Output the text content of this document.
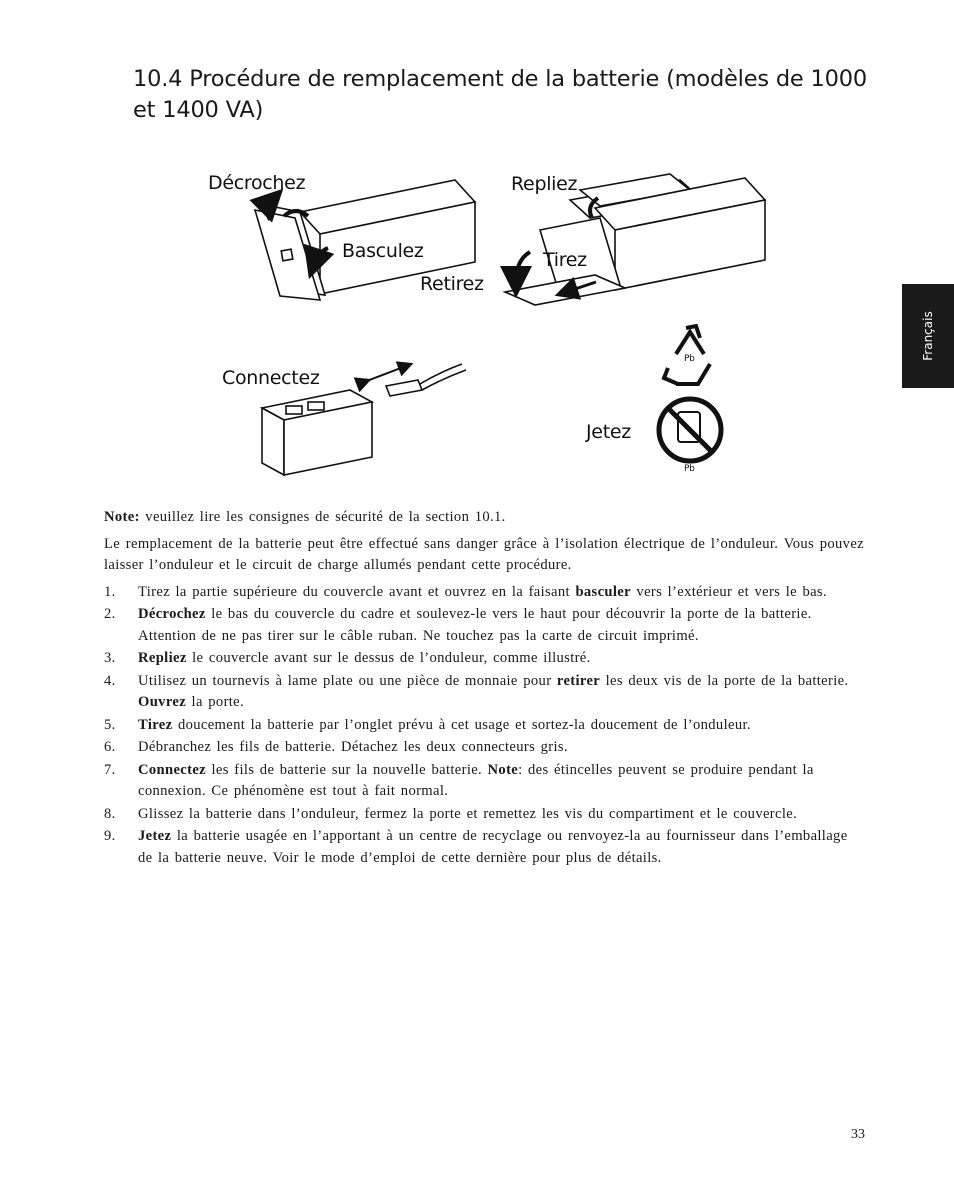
10.4 Procédure de remplacement de la batterie (modèles de 1000 et 1400 VA)
Français
Décrochez
Basculez
Repliez
Tirez
Retirez
Connectez
Jetez
Pb
Pb

Note: veuillez lire les consignes de sécurité de la section 10.1.

Le remplacement de la batterie peut être effectué sans danger grâce à l’isolation électrique de l’onduleur. Vous pouvez laisser l’onduleur et le circuit de charge allumés pendant cette procédure.

1. Tirez la partie supérieure du couvercle avant et ouvrez en la faisant basculer vers l’extérieur et vers le bas.
2. Décrochez le bas du couvercle du cadre et soulevez-le vers le haut pour découvrir la porte de la batterie. Attention de ne pas tirer sur le câble ruban. Ne touchez pas la carte de circuit imprimé.
3. Repliez le couvercle avant sur le dessus de l’onduleur, comme illustré.
4. Utilisez un tournevis à lame plate ou une pièce de monnaie pour retirer les deux vis de la porte de la batterie. Ouvrez la porte.
5. Tirez doucement la batterie par l’onglet prévu à cet usage et sortez-la doucement de l’onduleur.
6. Débranchez les fils de batterie. Détachez les deux connecteurs gris.
7. Connectez les fils de batterie sur la nouvelle batterie. Note: des étincelles peuvent se produire pendant la connexion. Ce phénomène est tout à fait normal.
8. Glissez la batterie dans l’onduleur, fermez la porte et remettez les vis du compartiment et le couvercle.
9. Jetez la batterie usagée en l’apportant à un centre de recyclage ou renvoyez-la au fournisseur dans l’emballage de la batterie neuve. Voir le mode d’emploi de cette dernière pour plus de détails.
33
